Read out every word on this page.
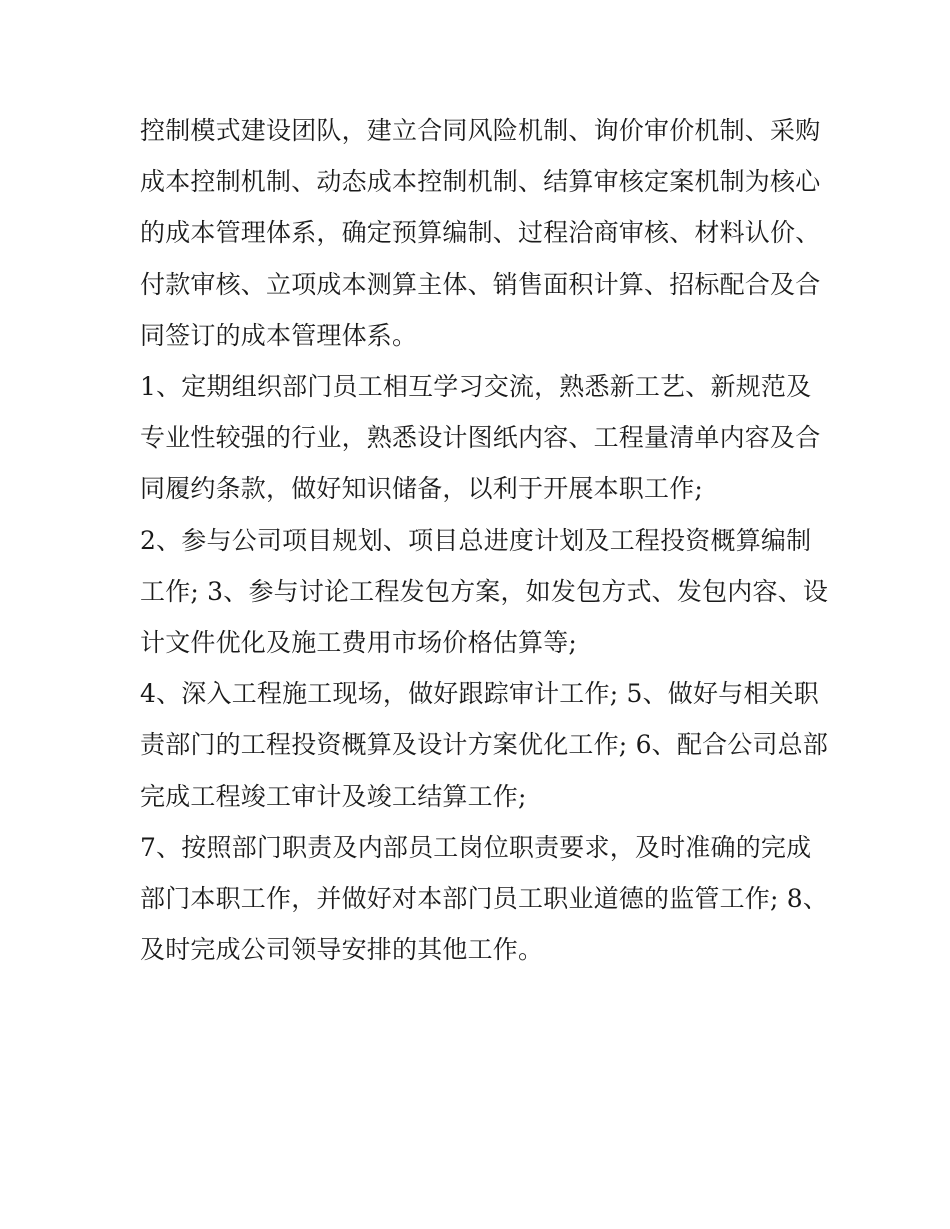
控制模式建设团队，建立合同风险机制、询价审价机制、采购
成本控制机制、动态成本控制机制、结算审核定案机制为核心
的成本管理体系，确定预算编制、过程洽商审核、材料认价、
付款审核、立项成本测算主体、销售面积计算、招标配合及合
同签订的成本管理体系。
1、定期组织部门员工相互学习交流，熟悉新工艺、新规范及
专业性较强的行业，熟悉设计图纸内容、工程量清单内容及合
同履约条款，做好知识储备，以利于开展本职工作;
2、参与公司项目规划、项目总进度计划及工程投资概算编制
工作; 3、参与讨论工程发包方案，如发包方式、发包内容、设
计文件优化及施工费用市场价格估算等;
4、深入工程施工现场，做好跟踪审计工作; 5、做好与相关职
责部门的工程投资概算及设计方案优化工作; 6、配合公司总部
完成工程竣工审计及竣工结算工作;
7、按照部门职责及内部员工岗位职责要求，及时准确的完成
部门本职工作，并做好对本部门员工职业道德的监管工作; 8、
及时完成公司领导安排的其他工作。
